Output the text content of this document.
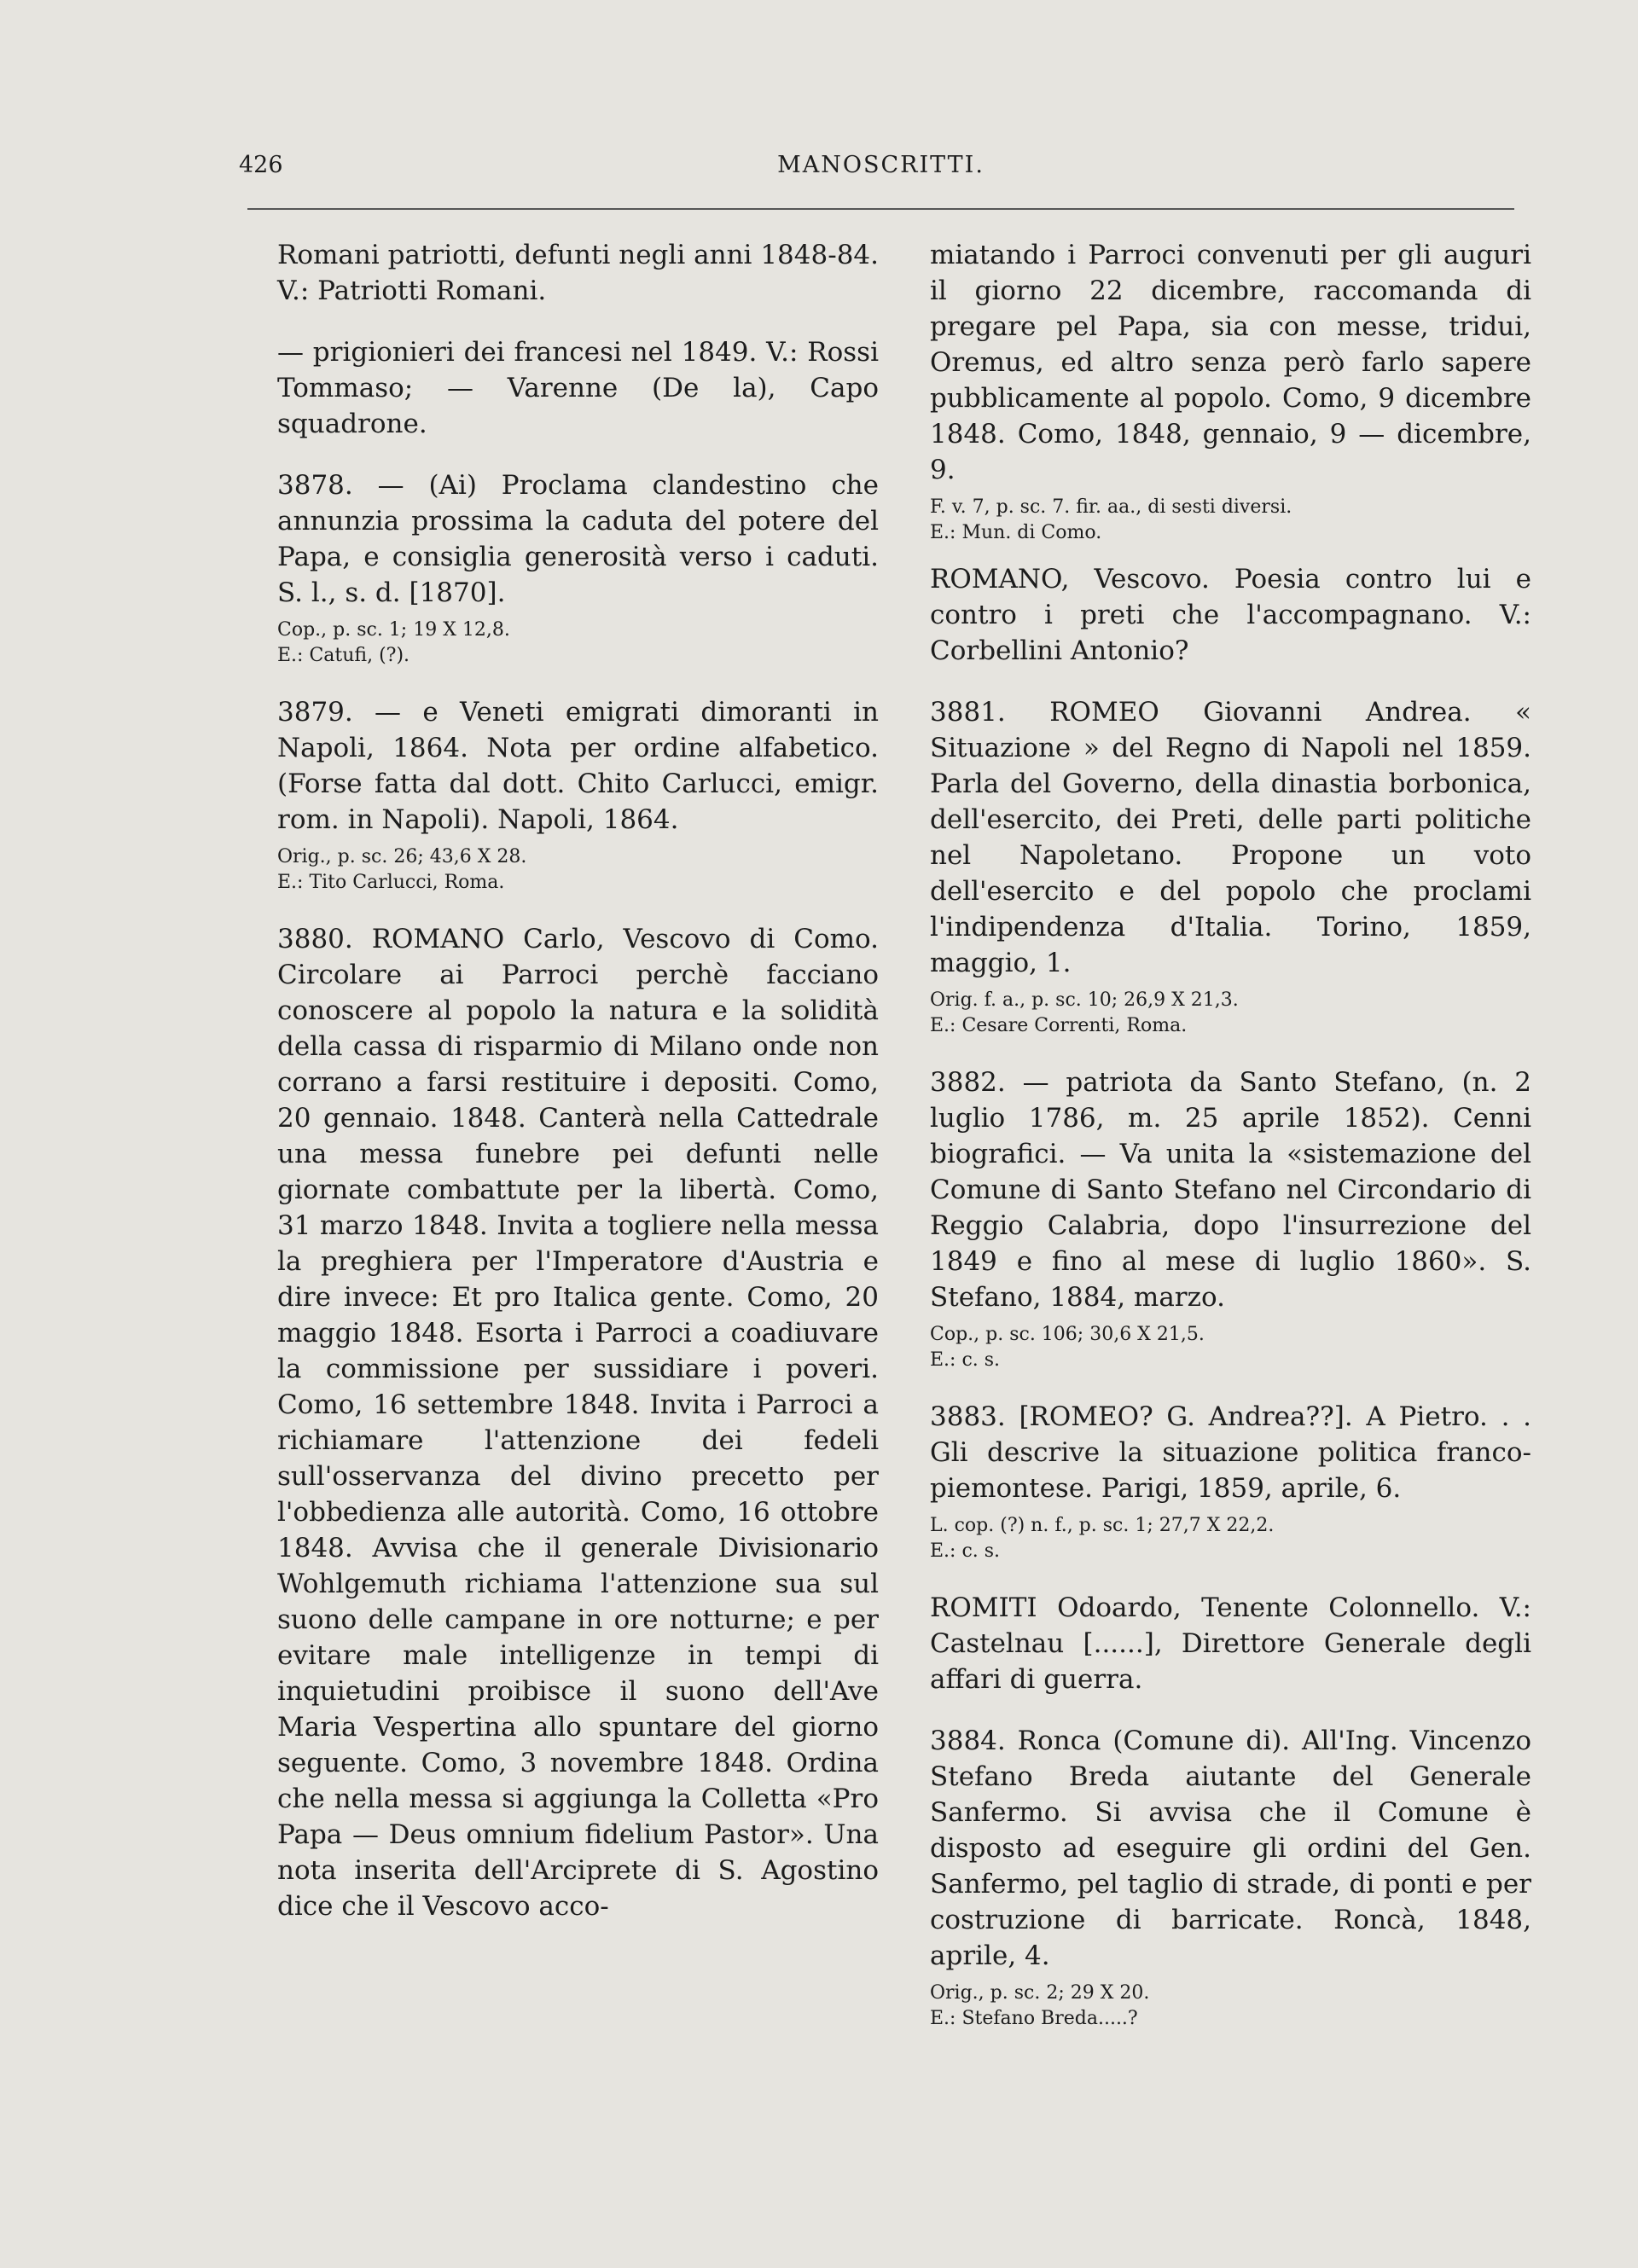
426	MANOSCRITTI.

Romani patriotti, defunti negli anni 1848-84. V.: Patriotti Romani.

— prigionieri dei francesi nel 1849. V.: Rossi Tommaso; — Varenne (De la), Capo squadrone.

3878. — (Ai) Proclama clandestino che annunzia prossima la caduta del potere del Papa, e consiglia generosità verso i caduti. S. l., s. d. [1870].

Cop., p. sc. 1; 19 X 12,8.

E.: Catufi, (?).

3879. — e Veneti emigrati dimoranti in Napoli, 1864. Nota per ordine alfabetico. (Forse fatta dal dott. Chito Carlucci, emigr. rom. in Napoli). Napoli, 1864.

Orig., p. sc. 26; 43,6 X 28.

E.: Tito Carlucci, Roma.

3880. ROMANO Carlo, Vescovo di Como. Circolare ai Parroci perchè facciano conoscere al popolo la natura e la solidità della cassa di risparmio di Milano onde non corrano a farsi restituire i depositi. Como, 20 gennaio. 1848. Canterà nella Cattedrale una messa funebre pei defunti nelle giornate combattute per la libertà. Como, 31 marzo 1848. Invita a togliere nella messa la preghiera per l'Imperatore d'Austria e dire invece: Et pro Italica gente. Como, 20 maggio 1848. Esorta i Parroci a coadiuvare la commissione per sussidiare i poveri. Como, 16 settembre 1848. Invita i Parroci a richiamare l'attenzione dei fedeli sull'osservanza del divino precetto per l'obbedienza alle autorità. Como, 16 ottobre 1848. Avvisa che il generale Divisionario Wohlgemuth richiama l'attenzione sua sul suono delle campane in ore notturne; e per evitare male intelligenze in tempi di inquietudini proibisce il suono dell'Ave Maria Vespertina allo spuntare del giorno seguente. Como, 3 novembre 1848. Ordina che nella messa si aggiunga la Colletta «Pro Papa — Deus omnium fidelium Pastor». Una nota inserita dell'Arciprete di S. Agostino dice che il Vescovo acco-

miatando i Parroci convenuti per gli auguri il giorno 22 dicembre, raccomanda di pregare pel Papa, sia con messe, tridui, Oremus, ed altro senza però farlo sapere pubblicamente al popolo. Como, 9 dicembre 1848. Como, 1848, gennaio, 9 — dicembre, 9.

F. v. 7, p. sc. 7. fir. aa., di sesti diversi.

E.: Mun. di Como.

ROMANO, Vescovo. Poesia contro lui e contro i preti che l'accompagnano. V.: Corbellini Antonio?

3881. ROMEO Giovanni Andrea. « Situazione » del Regno di Napoli nel 1859. Parla del Governo, della dinastia borbonica, dell'esercito, dei Preti, delle parti politiche nel Napoletano. Propone un voto dell'esercito e del popolo che proclami l'indipendenza d'Italia. Torino, 1859, maggio, 1.

Orig. f. a., p. sc. 10; 26,9 X 21,3.

E.: Cesare Correnti, Roma.

3882. — patriota da Santo Stefano, (n. 2 luglio 1786, m. 25 aprile 1852). Cenni biografici. — Va unita la «sistemazione del Comune di Santo Stefano nel Circondario di Reggio Calabria, dopo l'insurrezione del 1849 e fino al mese di luglio 1860». S. Stefano, 1884, marzo.

Cop., p. sc. 106; 30,6 X 21,5.

E.: c. s.

3883. [ROMEO? G. Andrea??]. A Pietro. . . Gli descrive la situazione politica franco-piemontese. Parigi, 1859, aprile, 6.

L. cop. (?) n. f., p. sc. 1; 27,7 X 22,2.

E.: c. s.

ROMITI Odoardo, Tenente Colonnello. V.: Castelnau [......], Direttore Generale degli affari di guerra.

3884. Ronca (Comune di). All'Ing. Vincenzo Stefano Breda aiutante del Generale Sanfermo. Si avvisa che il Comune è disposto ad eseguire gli ordini del Gen. Sanfermo, pel taglio di strade, di ponti e per costruzione di barricate. Roncà, 1848, aprile, 4.

Orig., p. sc. 2; 29 X 20.

E.: Stefano Breda.....?
